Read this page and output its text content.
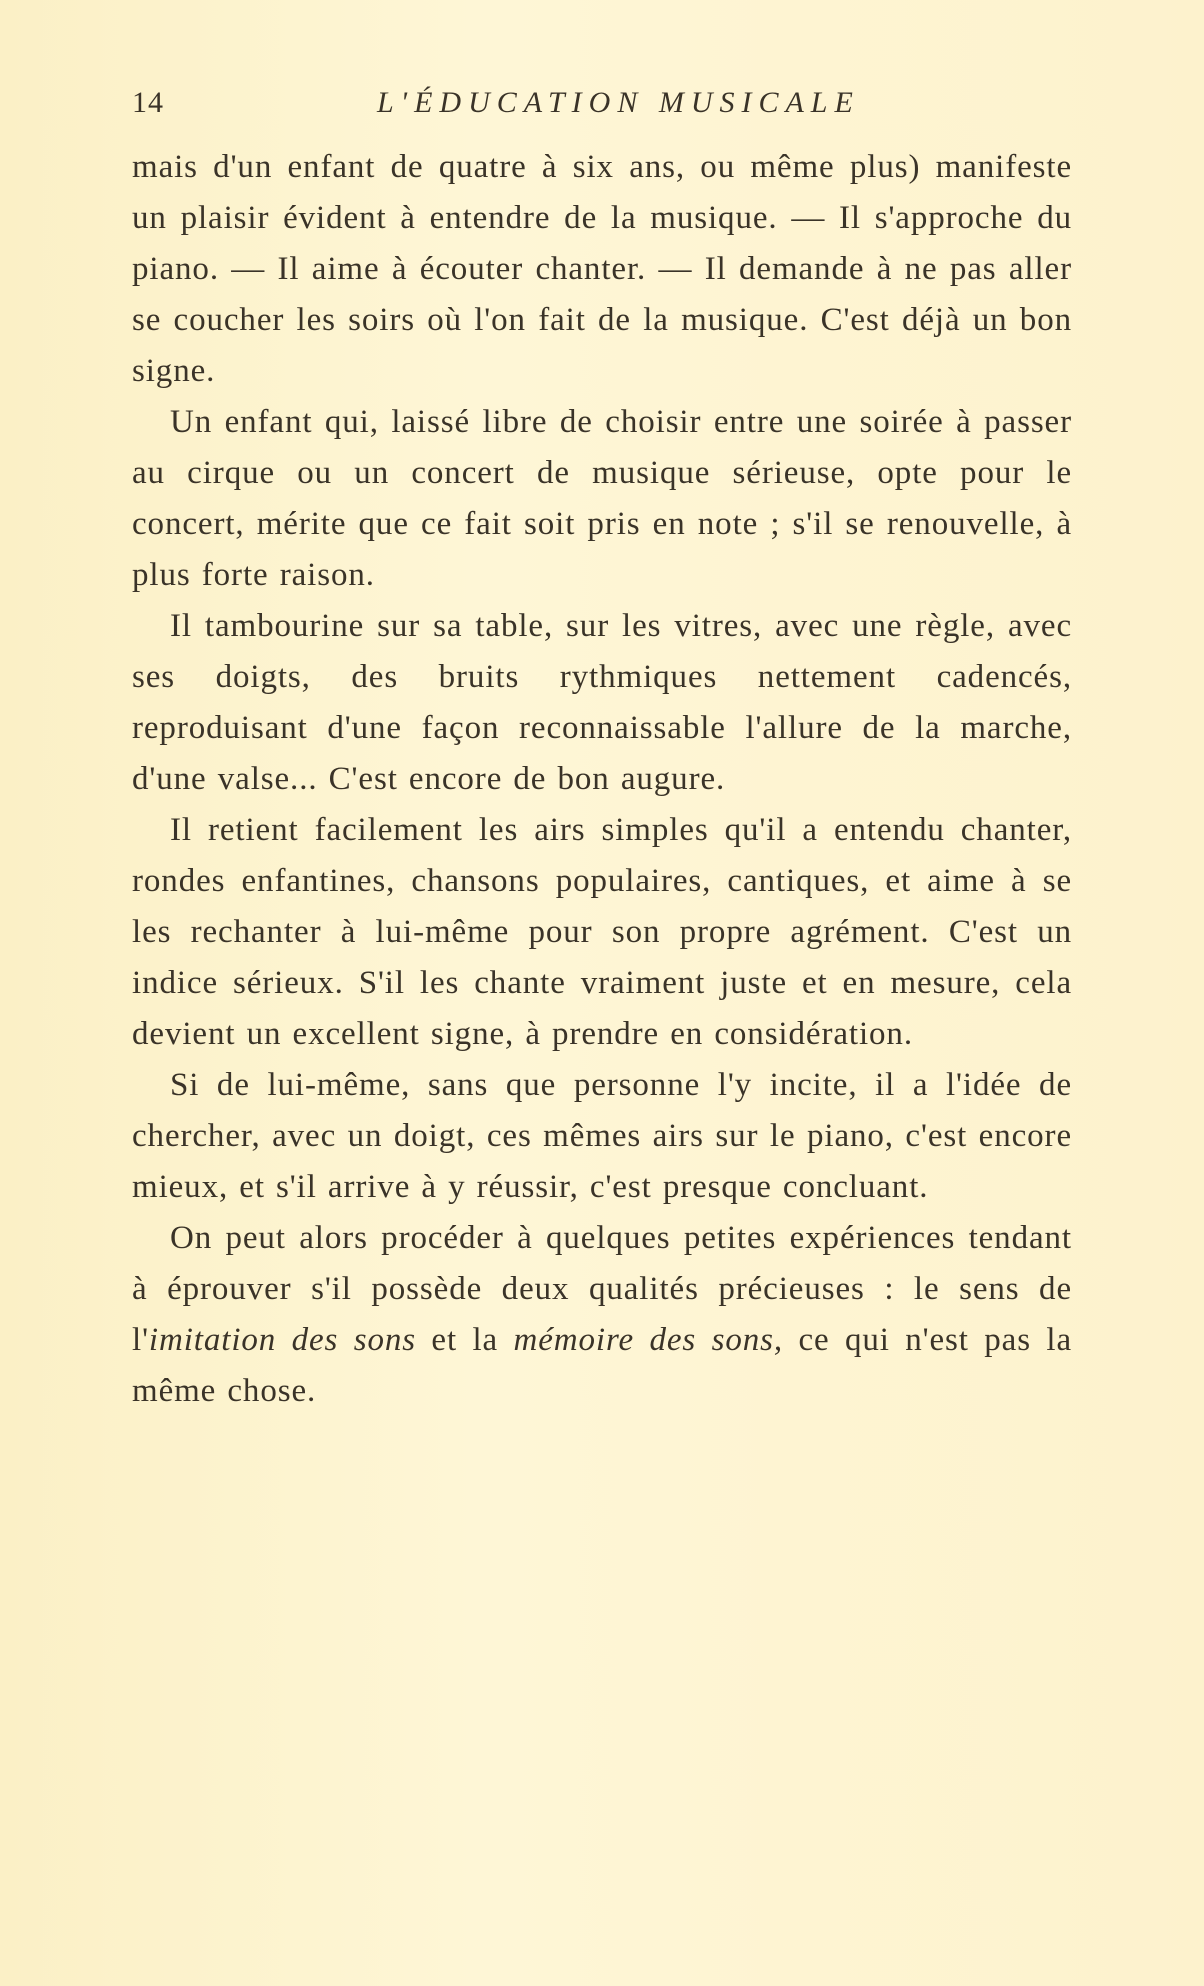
14	L'ÉDUCATION MUSICALE

mais d'un enfant de quatre à six ans, ou même plus) manifeste un plaisir évident à entendre de la musique. — Il s'approche du piano. — Il aime à écouter chanter. — Il demande à ne pas aller se coucher les soirs où l'on fait de la musique. C'est déjà un bon signe.

Un enfant qui, laissé libre de choisir entre une soirée à passer au cirque ou un concert de musique sérieuse, opte pour le concert, mérite que ce fait soit pris en note ; s'il se renouvelle, à plus forte raison.

Il tambourine sur sa table, sur les vitres, avec une règle, avec ses doigts, des bruits rythmiques nettement cadencés, reproduisant d'une façon reconnaissable l'allure de la marche, d'une valse... C'est encore de bon augure.

Il retient facilement les airs simples qu'il a entendu chanter, rondes enfantines, chansons populaires, cantiques, et aime à se les rechanter à lui-même pour son propre agrément. C'est un indice sérieux. S'il les chante vraiment juste et en mesure, cela devient un excellent signe, à prendre en considération.

Si de lui-même, sans que personne l'y incite, il a l'idée de chercher, avec un doigt, ces mêmes airs sur le piano, c'est encore mieux, et s'il arrive à y réussir, c'est presque concluant.

On peut alors procéder à quelques petites expériences tendant à éprouver s'il possède deux qualités précieuses : le sens de l'imitation des sons et la mémoire des sons, ce qui n'est pas la même chose.
